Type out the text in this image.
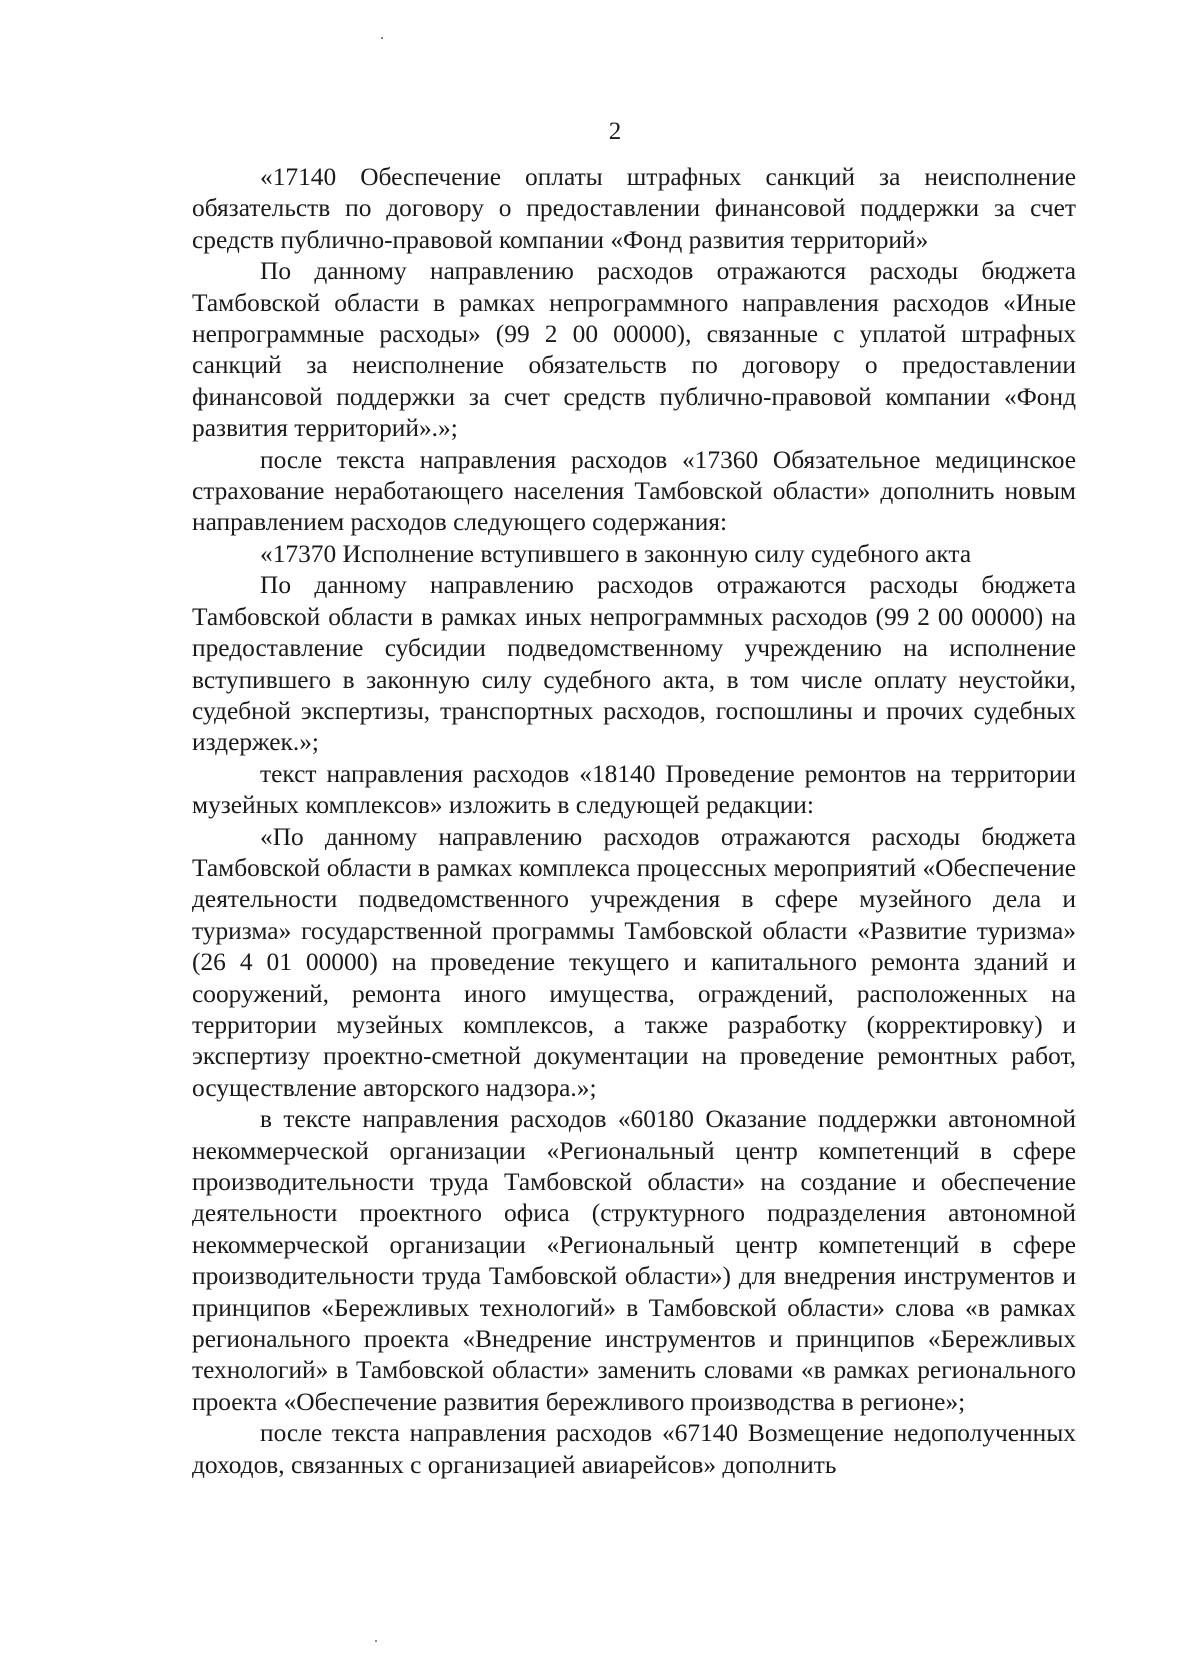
2

«17140 Обеспечение оплаты штрафных санкций за неисполнение обязательств по договору о предоставлении финансовой поддержки за счет средств публично-правовой компании «Фонд развития территорий»

По данному направлению расходов отражаются расходы бюджета Тамбовской области в рамках непрограммного направления расходов «Иные непрограммные расходы» (99 2 00 00000), связанные с уплатой штрафных санкций за неисполнение обязательств по договору о предоставлении финансовой поддержки за счет средств публично-правовой компании «Фонд развития территорий».»;

после текста направления расходов «17360 Обязательное медицинское страхование неработающего населения Тамбовской области» дополнить новым направлением расходов следующего содержания:

«17370 Исполнение вступившего в законную силу судебного акта

По данному направлению расходов отражаются расходы бюджета Тамбовской области в рамках иных непрограммных расходов (99 2 00 00000) на предоставление субсидии подведомственному учреждению на исполнение вступившего в законную силу судебного акта, в том числе оплату неустойки, судебной экспертизы, транспортных расходов, госпошлины и прочих судебных издержек.»;

текст направления расходов «18140 Проведение ремонтов на территории музейных комплексов» изложить в следующей редакции:

«По данному направлению расходов отражаются расходы бюджета Тамбовской области в рамках комплекса процессных мероприятий «Обеспечение деятельности подведомственного учреждения в сфере музейного дела и туризма» государственной программы Тамбовской области «Развитие туризма» (26 4 01 00000) на проведение текущего и капитального ремонта зданий и сооружений, ремонта иного имущества, ограждений, расположенных на территории музейных комплексов, а также разработку (корректировку) и экспертизу проектно-сметной документации на проведение ремонтных работ, осуществление авторского надзора.»;

в тексте направления расходов «60180 Оказание поддержки автономной некоммерческой организации «Региональный центр компетенций в сфере производительности труда Тамбовской области» на создание и обеспечение деятельности проектного офиса (структурного подразделения автономной некоммерческой организации «Региональный центр компетенций в сфере производительности труда Тамбовской области») для внедрения инструментов и принципов «Бережливых технологий» в Тамбовской области» слова «в рамках регионального проекта «Внедрение инструментов и принципов «Бережливых технологий» в Тамбовской области» заменить словами «в рамках регионального проекта «Обеспечение развития бережливого производства в регионе»;

после текста направления расходов «67140 Возмещение недополученных доходов, связанных с организацией авиарейсов» дополнить
